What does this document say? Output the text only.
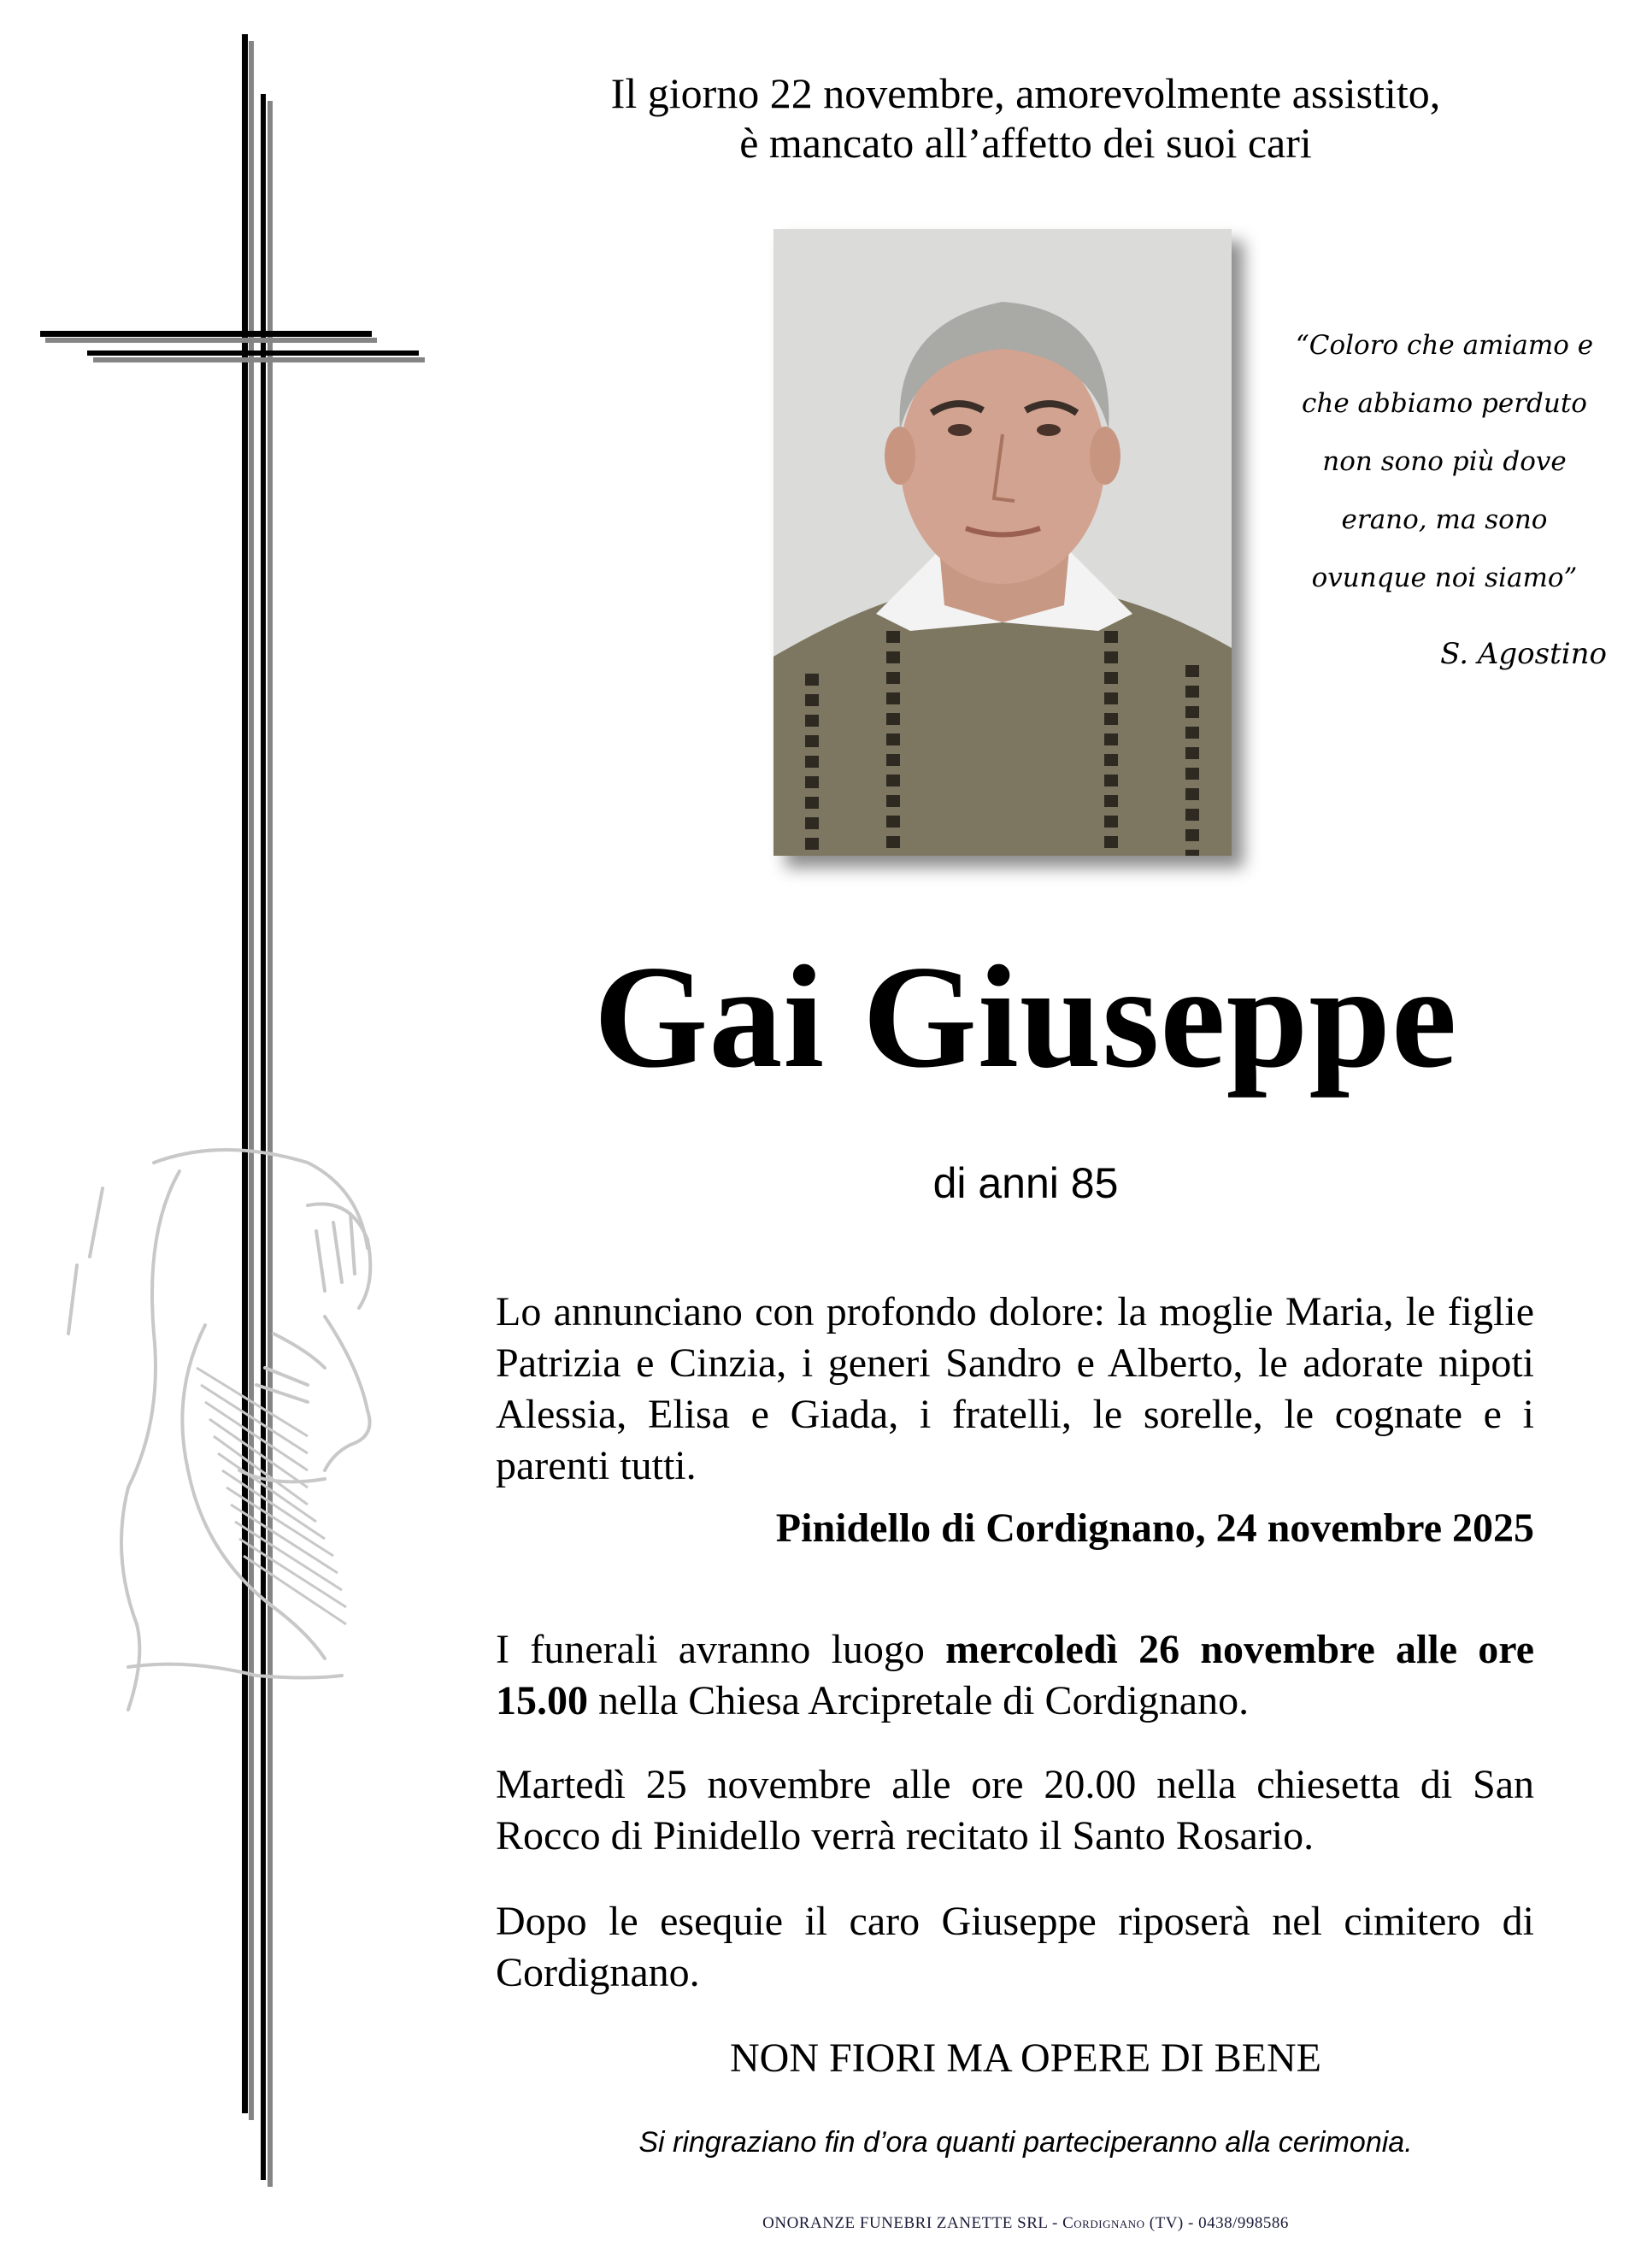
Il giorno 22 novembre, amorevolmente assistito,
è mancato all’affetto dei suoi cari
“Coloro che amiamo e
che abbiamo perduto
non sono più dove
erano, ma sono
ovunque noi siamo”
S. Agostino
Gai Giuseppe
di anni 85
Lo annunciano con profondo dolore: la moglie Maria, le figlie Patrizia e Cinzia, i generi Sandro e Alberto, le adorate nipoti Alessia, Elisa e Giada, i fratelli, le sorelle, le cognate e i parenti tutti.
Pinidello di Cordignano, 24 novembre 2025
I funerali avranno luogo mercoledì 26 novembre alle ore 15.00 nella Chiesa Arcipretale di Cordignano.
Martedì 25 novembre alle ore 20.00 nella chiesetta di San Rocco di Pinidello verrà recitato il Santo Rosario.
Dopo le esequie il caro Giuseppe riposerà nel cimitero di Cordignano.
NON FIORI MA OPERE DI BENE
Si ringraziano fin d’ora quanti parteciperanno alla cerimonia.
ONORANZE FUNEBRI ZANETTE SRL - Cordignano (TV) - 0438/998586
